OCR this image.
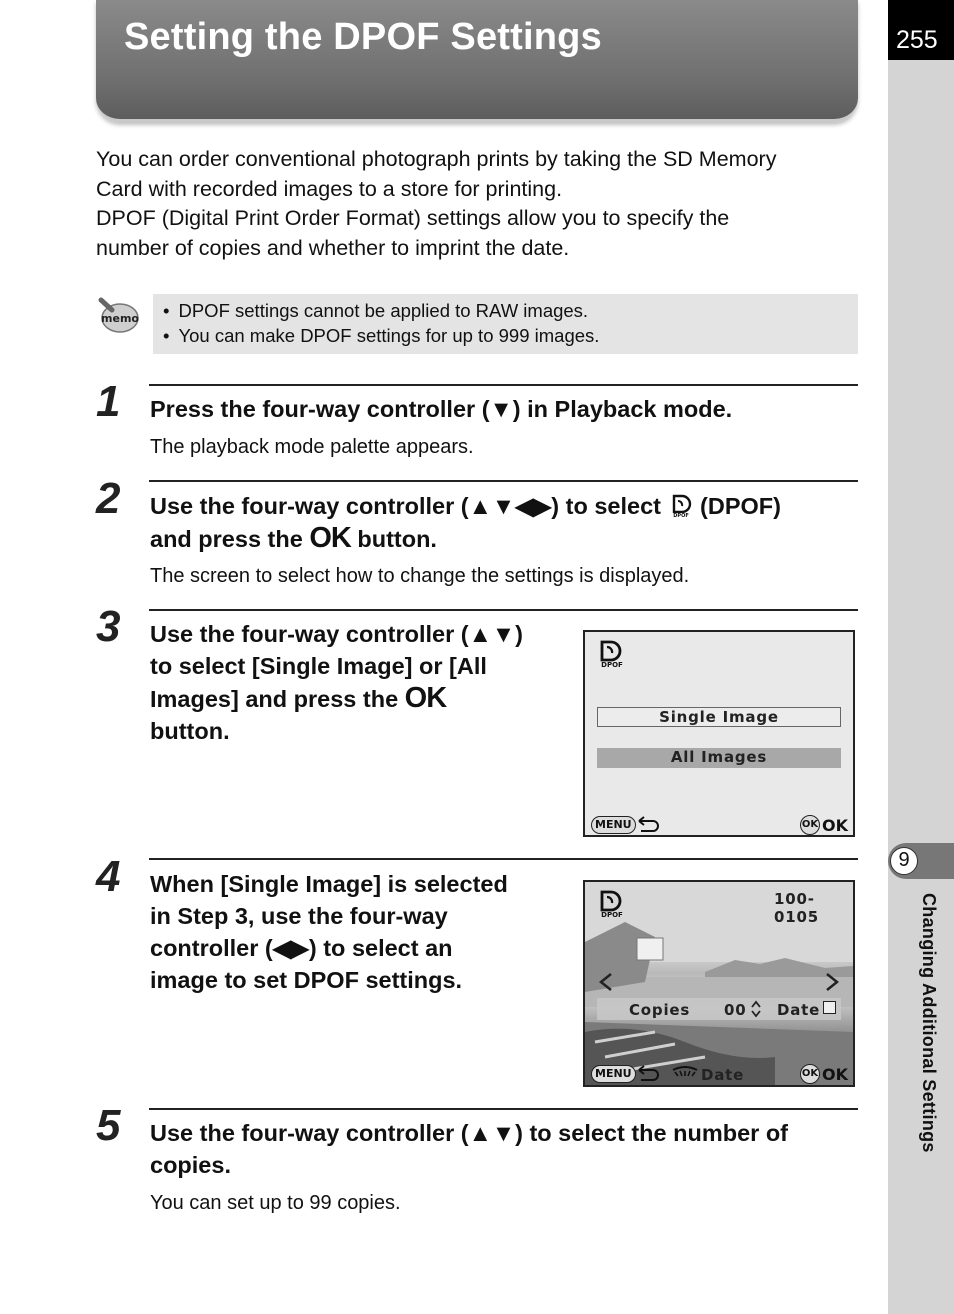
Setting the DPOF Settings	255
9
Changing Additional Settings

You can order conventional photograph prints by taking the SD Memory

Card with recorded images to a store for printing.

DPOF (Digital Print Order Format) settings allow you to specify the

number of copies and whether to imprint the date.

memo
•	DPOF settings cannot be applied to RAW images.
• You can make DPOF settings for up to 999 images.
1 Press the four-way controller (▼) in Playback mode.
The playback mode palette appears.
2 Use the four-way controller (▲▼◀▶) to select DPOF (DPOF)
and press the OK button.
The screen to select how to change the settings is displayed.
3 Use the four-way controller (▲▼)
to select [Single Image] or [All
Images] and press the OK
button.
DPOF
Single Image
All Images
MENU	OK OK
4 When [Single Image] is selected
in Step 3, use the four-way
controller (◀▶) to select an
image to set DPOF settings.
DPOF
100-0105
Copies 00 Date
MENU	Date	OK OK
5 Use the four-way controller (▲▼) to select the number of
copies.
You can set up to 99 copies.
